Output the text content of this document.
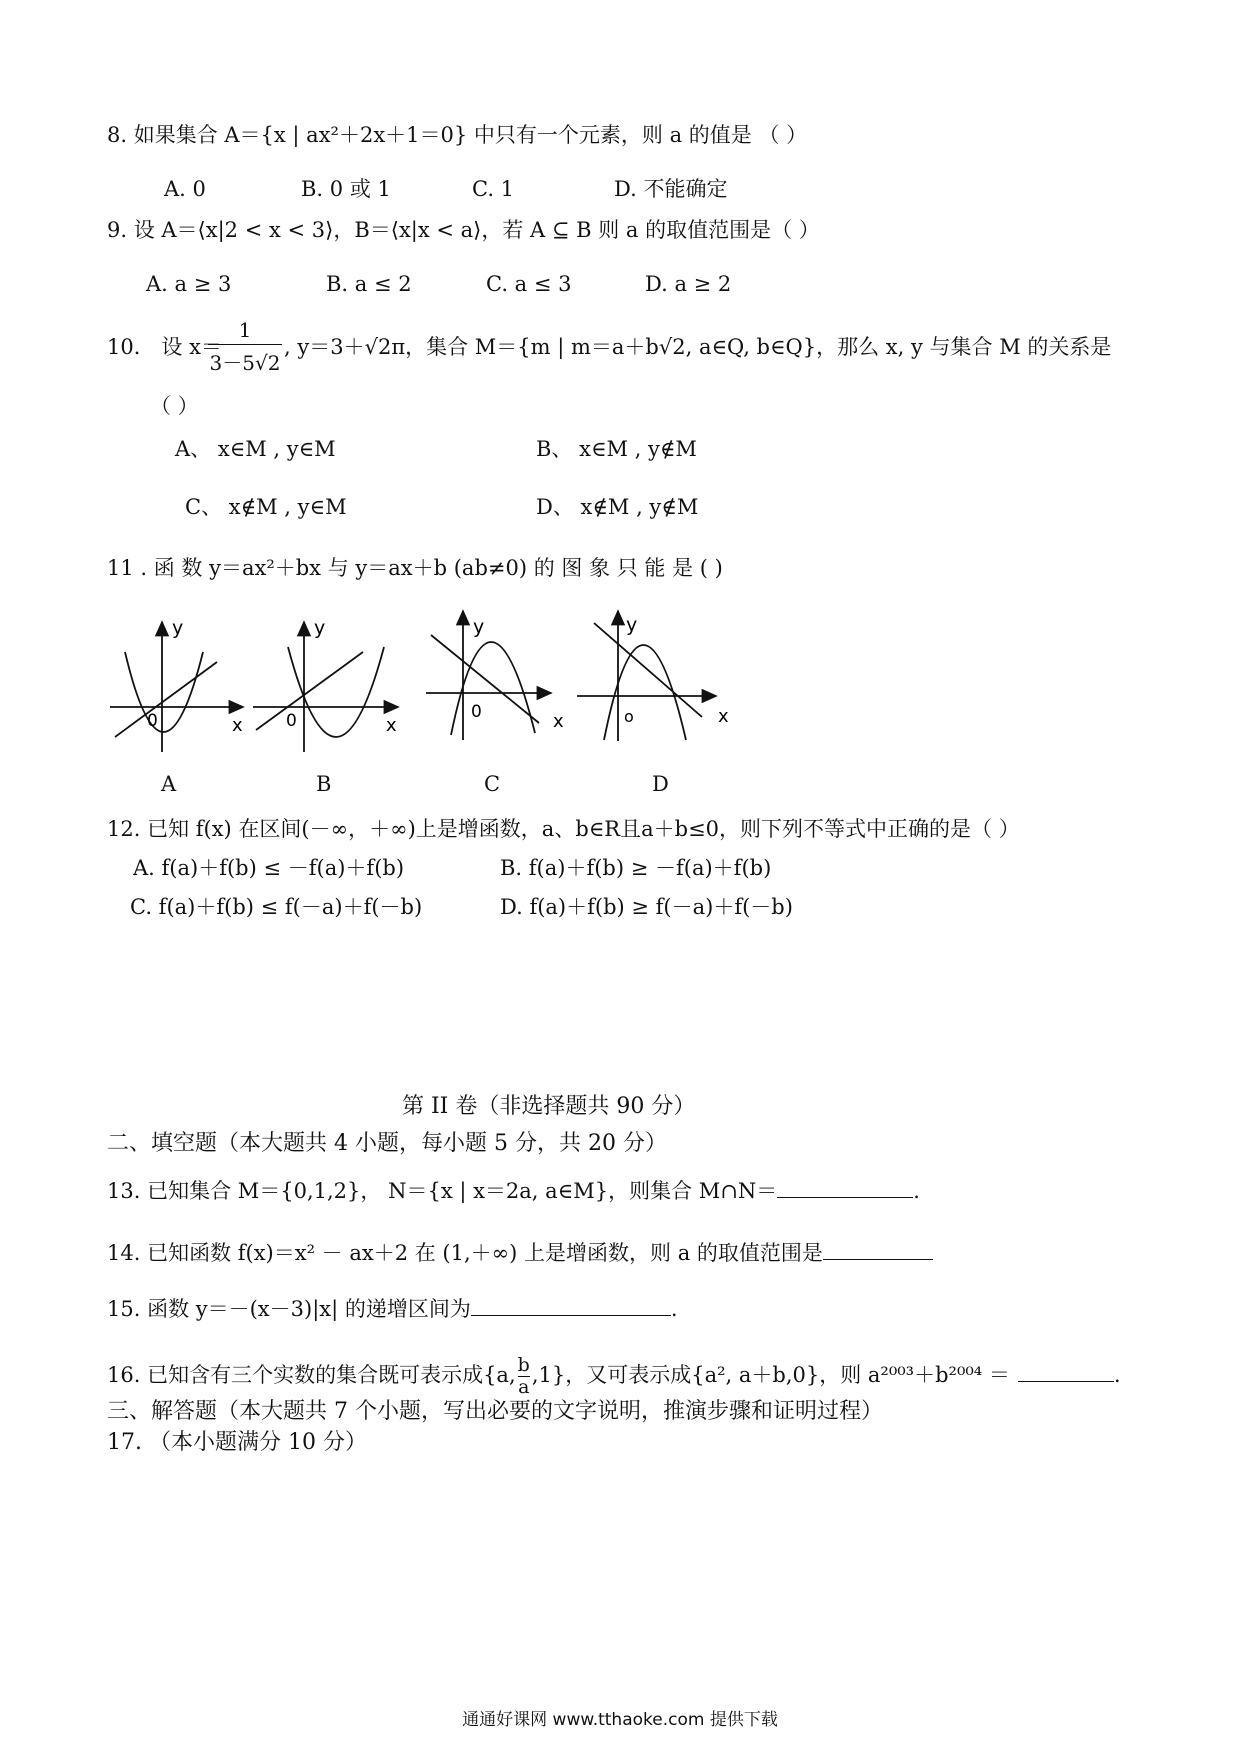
8. 如果集合 A＝{x | ax²＋2x＋1＝0} 中只有一个元素，则 a 的值是 （ ）
A. 0	B. 0 或 1	C. 1	D. 不能确定
9. 设 A＝⟨x|2 < x < 3⟩，B＝⟨x|x < a⟩，若 A ⊆ B 则 a 的取值范围是（ ）
A. a ≥ 3	B. a ≤ 2	C. a ≤ 3	D. a ≥ 2
10． 设 x＝
1
3－5√2
, y＝3＋√2π，集合 M＝{m | m＝a＋b√2, a∈Q, b∈Q}，那么 x, y 与集合 M 的关系是
（ ）
A、 x∈M , y∈M	B、 x∈M , y∉M
C、 x∉M , y∈M	D、 x∉M , y∉M
11 . 函 数 y＝ax²＋bx 与 y＝ax＋b (ab≠0) 的 图 象 只 能 是 ( )
y
x
0
A
y
x
0
B
y
x
0
C
y
x
o
D
12. 已知 f(x) 在区间(－∞，＋∞)上是增函数，a、b∈R且a＋b≤0，则下列不等式中正确的是（ ）
A. f(a)＋f(b) ≤ －f(a)＋f(b)	B. f(a)＋f(b) ≥ －f(a)＋f(b)
C. f(a)＋f(b) ≤ f(－a)＋f(－b)	D. f(a)＋f(b) ≥ f(－a)＋f(－b)
第 II 卷（非选择题共 90 分）
二、填空题（本大题共 4 小题，每小题 5 分，共 20 分）
13. 已知集合 M＝{0,1,2}， N＝{x | x＝2a, a∈M}，则集合 M∩N＝	.
14. 已知函数 f(x)＝x² － ax＋2 在 (1,＋∞) 上是增函数，则 a 的取值范围是
15. 函数 y＝－(x－3)|x| 的递增区间为	.
16. 已知含有三个实数的集合既可表示成{a, $\frac{b}{a} ,1$}，又可表示成{a², a＋b,0}，则 a²⁰⁰³＋b²⁰⁰⁴ ＝	.
三、解答题（本大题共 7 个小题，写出必要的文字说明，推演步骤和证明过程）
17. （本小题满分 10 分）
通通好课网 www.tthaoke.com 提供下载
